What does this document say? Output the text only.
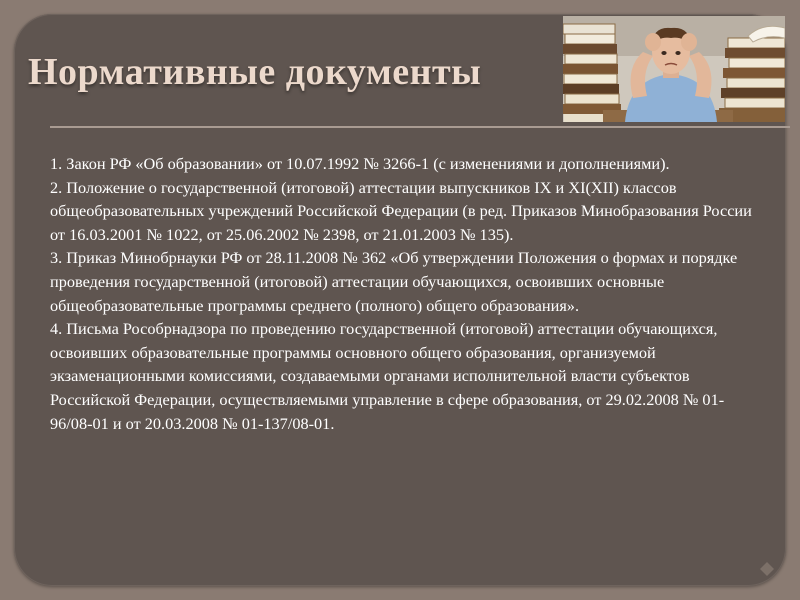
Нормативные документы

1. Закон РФ «Об образовании» от 10.07.1992 № 3266-1 (с изменениями и дополнениями).

2. Положение о государственной (итоговой) аттестации выпускников IX и XI(XII) классов общеобразовательных учреждений Российской Федерации (в ред. Приказов Минобразования России от 16.03.2001 № 1022, от 25.06.2002 № 2398, от 21.01.2003 № 135).

3. Приказ Минобрнауки РФ от 28.11.2008 № 362 «Об утверждении Положения о формах и порядке проведения государственной (итоговой) аттестации обучающихся, освоивших основные общеобразовательные программы среднего (полного) общего образования».

4. Письма Рособрнадзора по проведению государственной (итоговой) аттестации обучающихся, освоивших образовательные программы основного общего образования, организуемой экзаменационными комиссиями, создаваемыми органами исполнительной власти субъектов Российской Федерации, осуществляемыми управление в сфере образования, от 29.02.2008 № 01-96/08-01 и от 20.03.2008 № 01-137/08-01.
